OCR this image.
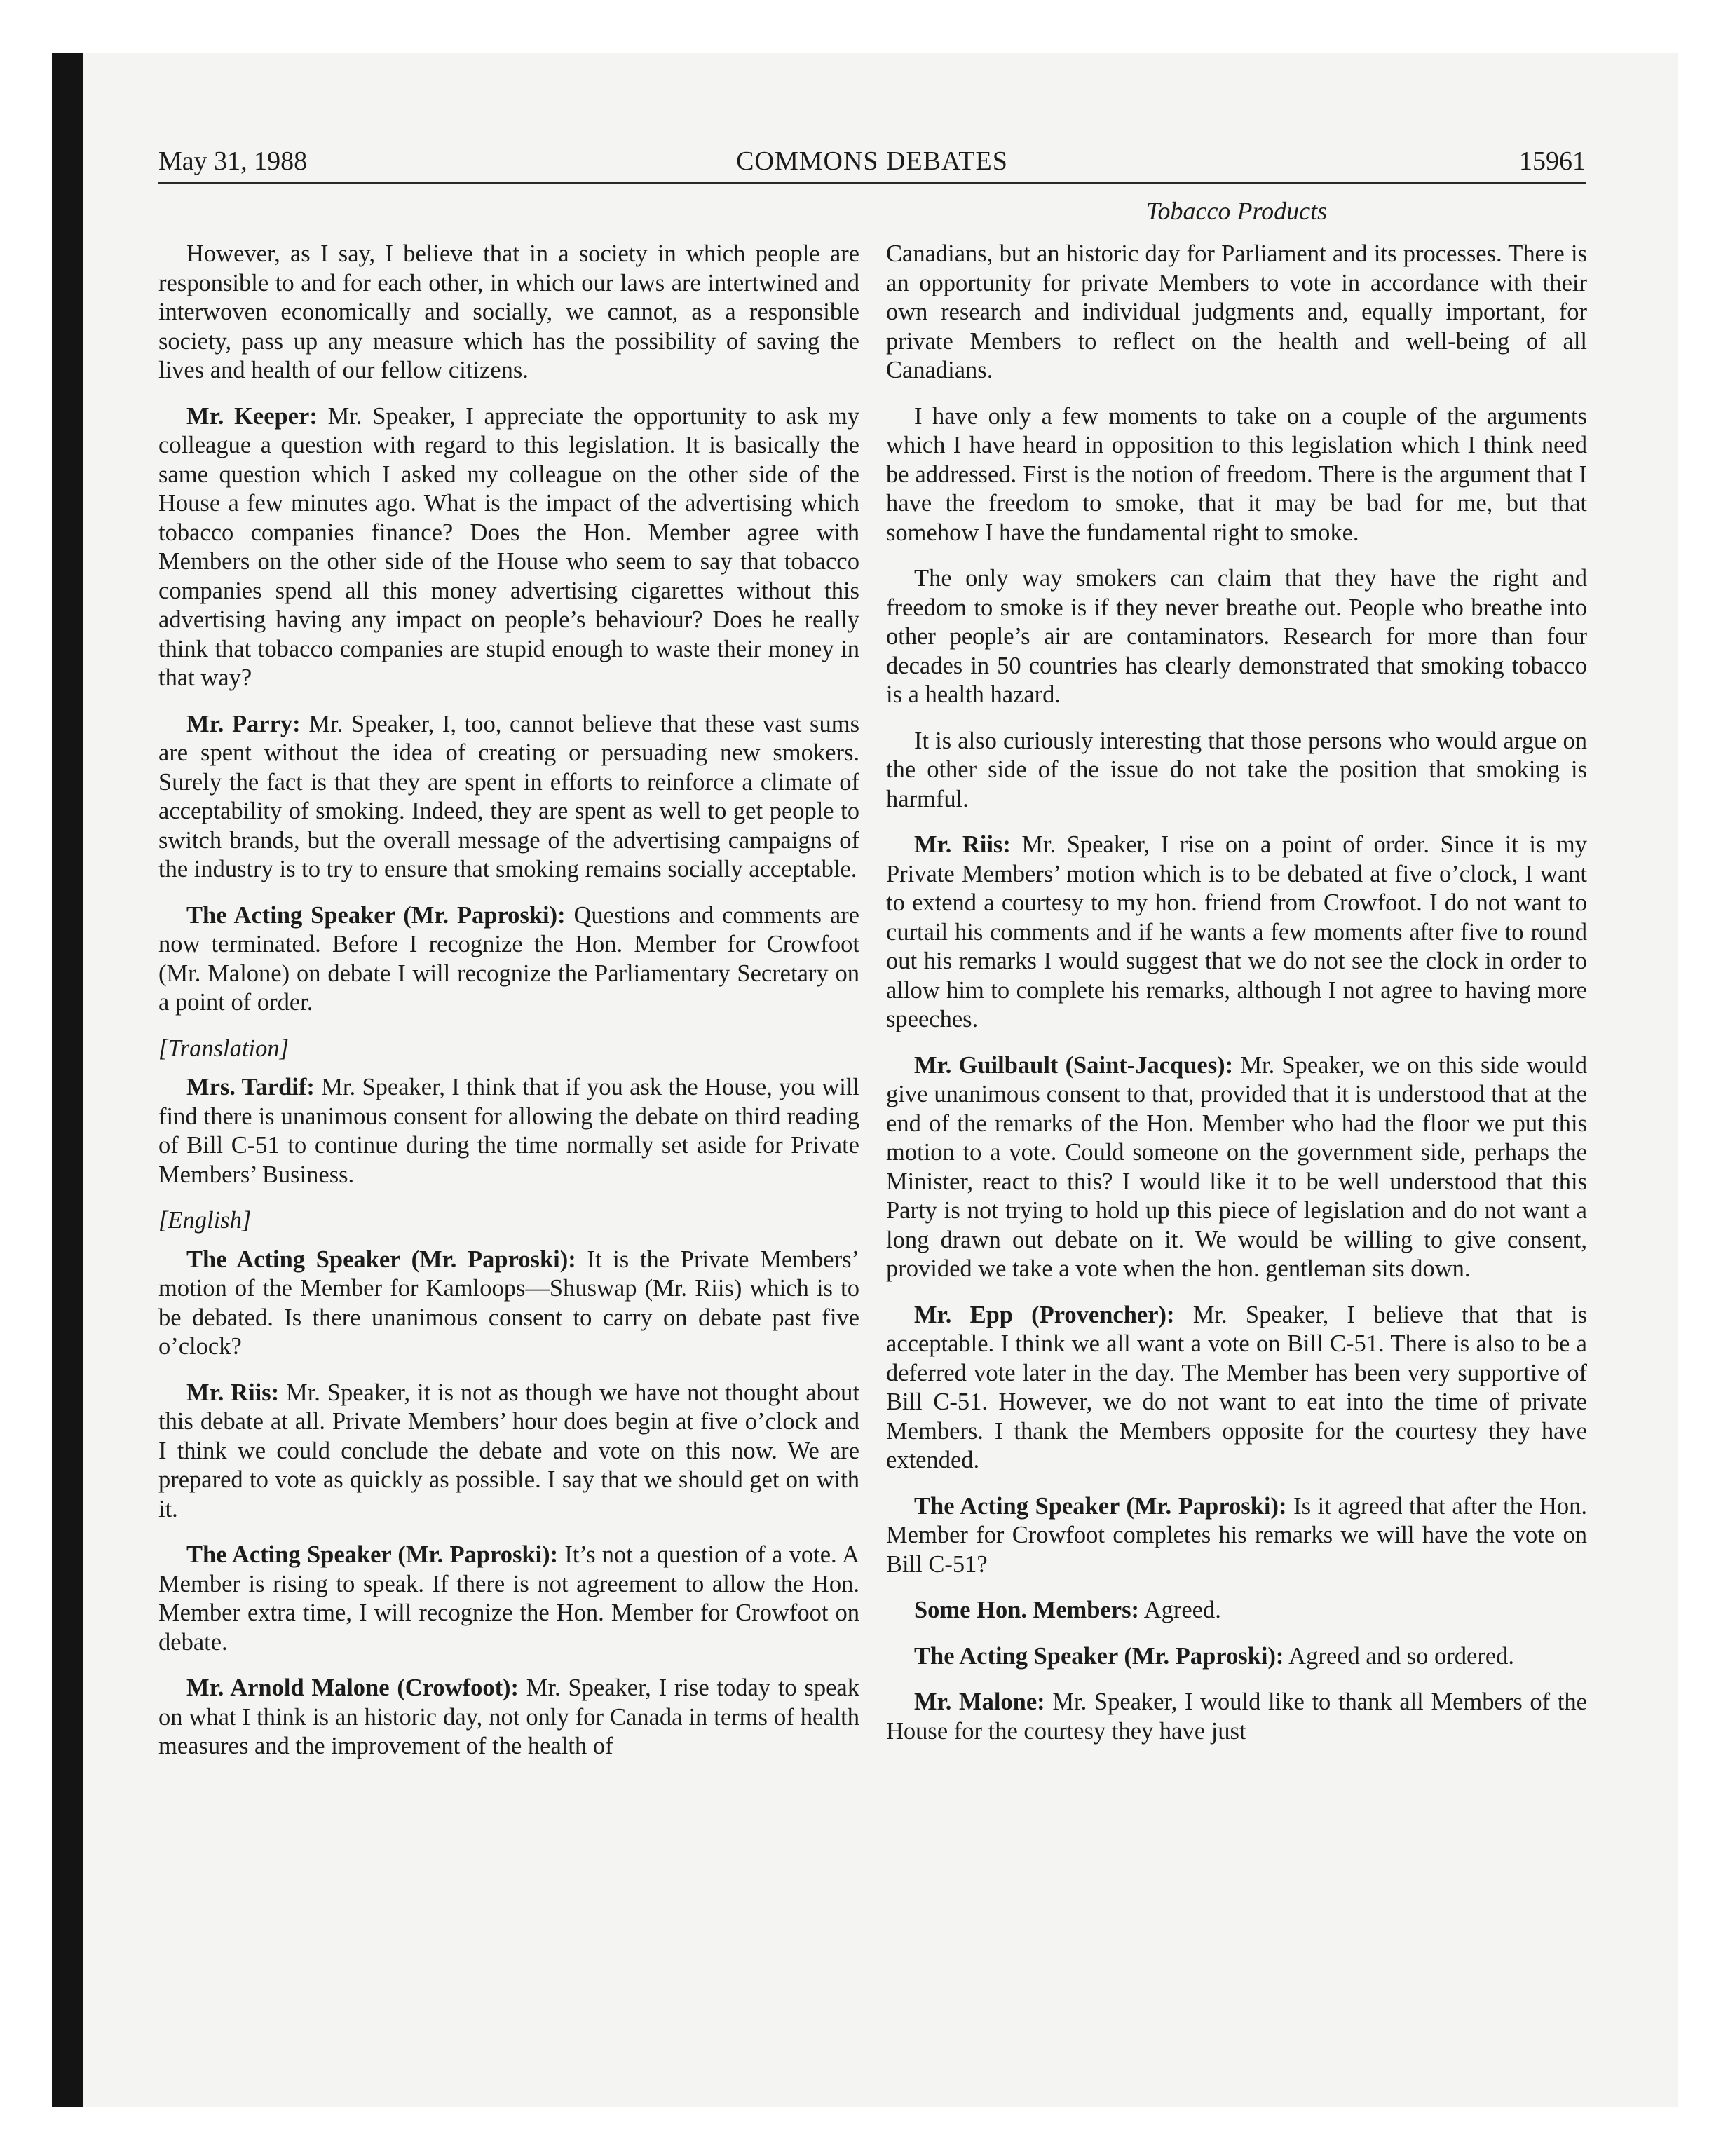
May 31, 1988	COMMONS DEBATES	15961
Tobacco Products

However, as I say, I believe that in a society in which people are responsible to and for each other, in which our laws are intertwined and interwoven economically and socially, we cannot, as a responsible society, pass up any measure which has the possibility of saving the lives and health of our fellow citizens.

Mr. Keeper: Mr. Speaker, I appreciate the opportunity to ask my colleague a question with regard to this legislation. It is basically the same question which I asked my colleague on the other side of the House a few minutes ago. What is the impact of the advertising which tobacco companies finance? Does the Hon. Member agree with Members on the other side of the House who seem to say that tobacco companies spend all this money advertising cigarettes without this advertising having any impact on people’s behaviour? Does he really think that tobacco companies are stupid enough to waste their money in that way?

Mr. Parry: Mr. Speaker, I, too, cannot believe that these vast sums are spent without the idea of creating or persuading new smokers. Surely the fact is that they are spent in efforts to reinforce a climate of acceptability of smoking. Indeed, they are spent as well to get people to switch brands, but the overall message of the advertising campaigns of the industry is to try to ensure that smoking remains socially acceptable.

The Acting Speaker (Mr. Paproski): Questions and comments are now terminated. Before I recognize the Hon. Member for Crowfoot (Mr. Malone) on debate I will recognize the Parliamentary Secretary on a point of order.

[Translation]

Mrs. Tardif: Mr. Speaker, I think that if you ask the House, you will find there is unanimous consent for allowing the debate on third reading of Bill C-51 to continue during the time normally set aside for Private Members’ Business.

[English]

The Acting Speaker (Mr. Paproski): It is the Private Members’ motion of the Member for Kamloops—Shuswap (Mr. Riis) which is to be debated. Is there unanimous consent to carry on debate past five o’clock?

Mr. Riis: Mr. Speaker, it is not as though we have not thought about this debate at all. Private Members’ hour does begin at five o’clock and I think we could conclude the debate and vote on this now. We are prepared to vote as quickly as possible. I say that we should get on with it.

The Acting Speaker (Mr. Paproski): It’s not a question of a vote. A Member is rising to speak. If there is not agreement to allow the Hon. Member extra time, I will recognize the Hon. Member for Crowfoot on debate.

Mr. Arnold Malone (Crowfoot): Mr. Speaker, I rise today to speak on what I think is an historic day, not only for Canada in terms of health measures and the improvement of the health of

Canadians, but an historic day for Parliament and its processes. There is an opportunity for private Members to vote in accordance with their own research and individual judgments and, equally important, for private Members to reflect on the health and well-being of all Canadians.

I have only a few moments to take on a couple of the arguments which I have heard in opposition to this legislation which I think need be addressed. First is the notion of freedom. There is the argument that I have the freedom to smoke, that it may be bad for me, but that somehow I have the fundamental right to smoke.

The only way smokers can claim that they have the right and freedom to smoke is if they never breathe out. People who breathe into other people’s air are contaminators. Research for more than four decades in 50 countries has clearly demonstrated that smoking tobacco is a health hazard.

It is also curiously interesting that those persons who would argue on the other side of the issue do not take the position that smoking is harmful.

Mr. Riis: Mr. Speaker, I rise on a point of order. Since it is my Private Members’ motion which is to be debated at five o’clock, I want to extend a courtesy to my hon. friend from Crowfoot. I do not want to curtail his comments and if he wants a few moments after five to round out his remarks I would suggest that we do not see the clock in order to allow him to complete his remarks, although I not agree to having more speeches.

Mr. Guilbault (Saint-Jacques): Mr. Speaker, we on this side would give unanimous consent to that, provided that it is understood that at the end of the remarks of the Hon. Member who had the floor we put this motion to a vote. Could someone on the government side, perhaps the Minister, react to this? I would like it to be well understood that this Party is not trying to hold up this piece of legislation and do not want a long drawn out debate on it. We would be willing to give consent, provided we take a vote when the hon. gentleman sits down.

Mr. Epp (Provencher): Mr. Speaker, I believe that that is acceptable. I think we all want a vote on Bill C-51. There is also to be a deferred vote later in the day. The Member has been very supportive of Bill C-51. However, we do not want to eat into the time of private Members. I thank the Members opposite for the courtesy they have extended.

The Acting Speaker (Mr. Paproski): Is it agreed that after the Hon. Member for Crowfoot completes his remarks we will have the vote on Bill C-51?

Some Hon. Members: Agreed.

The Acting Speaker (Mr. Paproski): Agreed and so ordered.

Mr. Malone: Mr. Speaker, I would like to thank all Members of the House for the courtesy they have just
